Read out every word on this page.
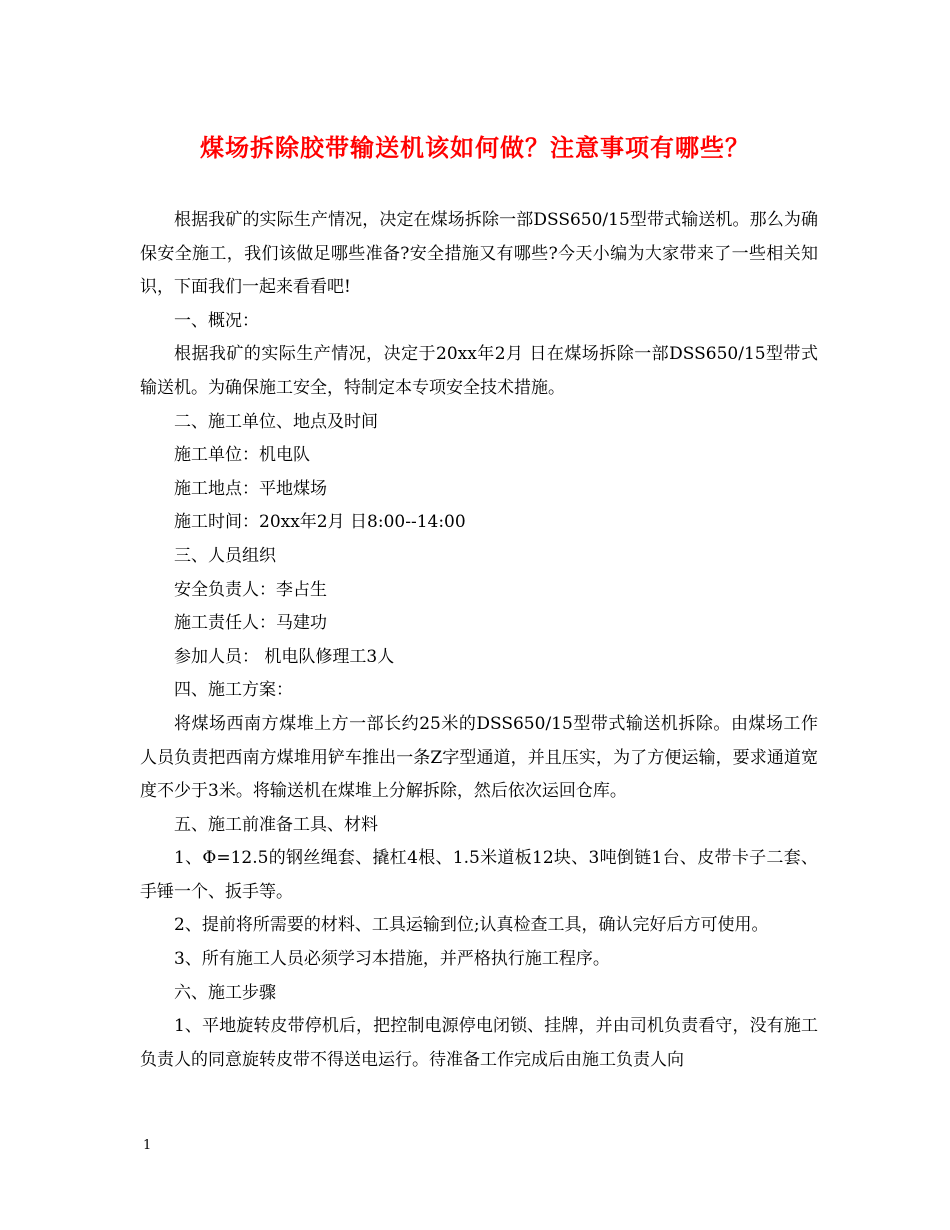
煤场拆除胶带输送机该如何做？注意事项有哪些？

根据我矿的实际生产情况，决定在煤场拆除一部DSS650/15型带式输送机。那么为确保安全施工，我们该做足哪些准备?安全措施又有哪些?今天小编为大家带来了一些相关知识，下面我们一起来看看吧!

一、概况：

根据我矿的实际生产情况，决定于20xx年2月 日在煤场拆除一部DSS650/15型带式输送机。为确保施工安全，特制定本专项安全技术措施。

二、施工单位、地点及时间

施工单位：机电队

施工地点：平地煤场

施工时间：20xx年2月 日8:00--14:00

三、人员组织

安全负责人：李占生

施工责任人：马建功

参加人员： 机电队修理工3人

四、施工方案：

将煤场西南方煤堆上方一部长约25米的DSS650/15型带式输送机拆除。由煤场工作人员负责把西南方煤堆用铲车推出一条Z字型通道，并且压实，为了方便运输，要求通道宽度不少于3米。将输送机在煤堆上分解拆除，然后依次运回仓库。

五、施工前准备工具、材料

1、Φ=12.5的钢丝绳套、撬杠4根、1.5米道板12块、3吨倒链1台、皮带卡子二套、手锤一个、扳手等。

2、提前将所需要的材料、工具运输到位;认真检查工具，确认完好后方可使用。

3、所有施工人员必须学习本措施，并严格执行施工程序。

六、施工步骤

1、平地旋转皮带停机后，把控制电源停电闭锁、挂牌，并由司机负责看守，没有施工负责人的同意旋转皮带不得送电运行。待准备工作完成后由施工负责人向

1
